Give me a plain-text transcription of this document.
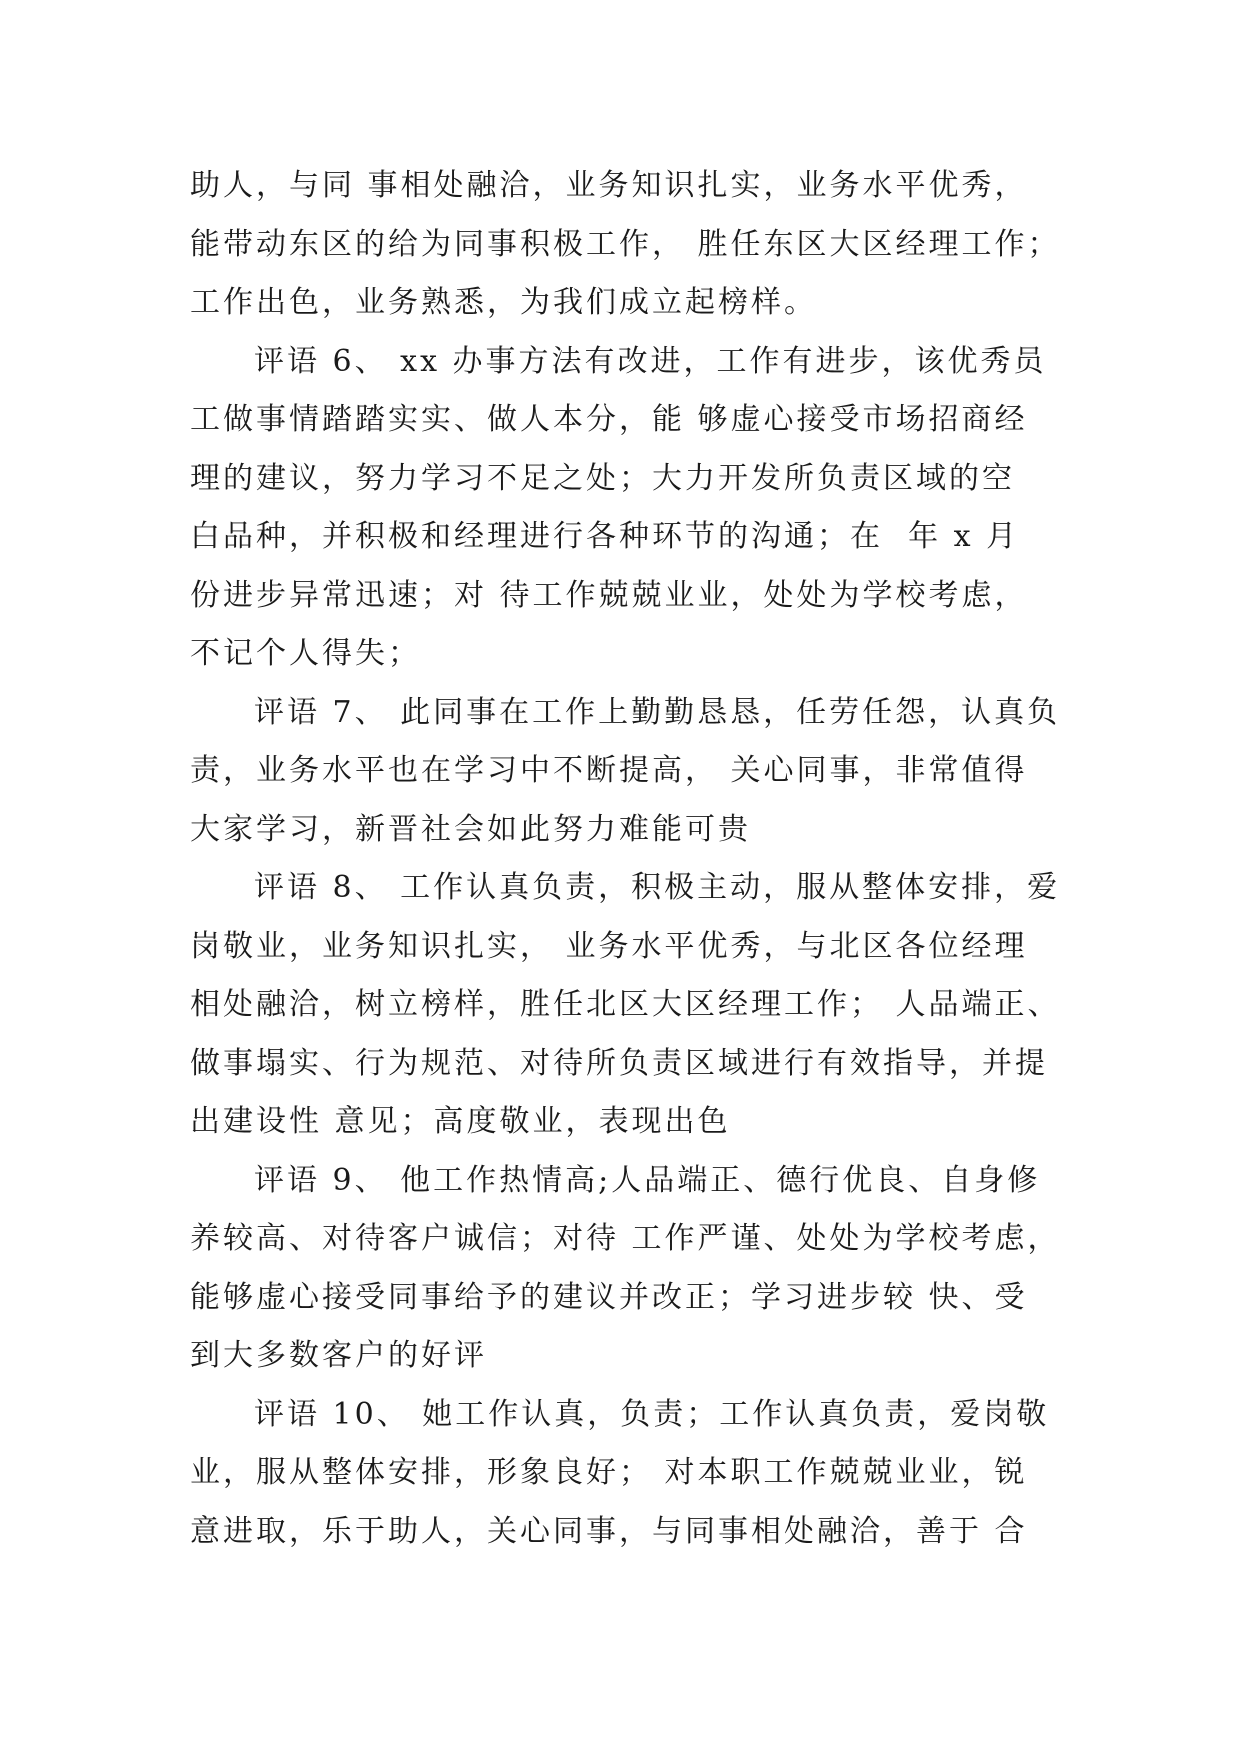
助人，与同 事相处融洽，业务知识扎实，业务水平优秀，
能带动东区的给为同事积极工作， 胜任东区大区经理工作；
工作出色，业务熟悉，为我们成立起榜样。
评语 6、 xx 办事方法有改进，工作有进步，该优秀员
工做事情踏踏实实、做人本分，能 够虚心接受市场招商经
理的建议，努力学习不足之处；大力开发所负责区域的空
白品种，并积极和经理进行各种环节的沟通；在  年 x 月
份进步异常迅速；对 待工作兢兢业业，处处为学校考虑，
不记个人得失；
评语 7、 此同事在工作上勤勤恳恳，任劳任怨，认真负
责，业务水平也在学习中不断提高， 关心同事，非常值得
大家学习，新晋社会如此努力难能可贵
评语 8、 工作认真负责，积极主动，服从整体安排，爱
岗敬业，业务知识扎实， 业务水平优秀，与北区各位经理
相处融洽，树立榜样，胜任北区大区经理工作； 人品端正、
做事塌实、行为规范、对待所负责区域进行有效指导，并提
出建设性 意见；高度敬业，表现出色
评语 9、 他工作热情高;人品端正、德行优良、自身修
养较高、对待客户诚信；对待 工作严谨、处处为学校考虑，
能够虚心接受同事给予的建议并改正；学习进步较 快、受
到大多数客户的好评
评语 10、 她工作认真，负责；工作认真负责，爱岗敬
业，服从整体安排，形象良好； 对本职工作兢兢业业，锐
意进取，乐于助人，关心同事，与同事相处融洽，善于 合
